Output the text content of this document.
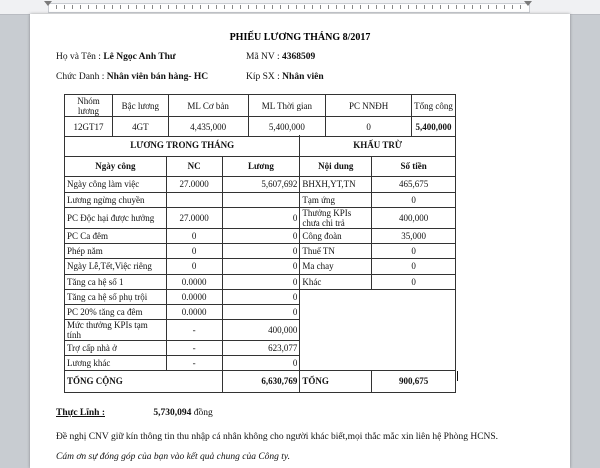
PHIẾU LƯƠNG THÁNG 8/2017
Họ và Tên : Lê Ngọc Anh Thư	Mã NV : 4368509
Chức Danh : Nhân viên bán hàng- HC	Kíp SX : Nhân viên
Nhóm lương	Bậc lương	ML Cơ bản	ML Thời gian	PC NNĐH	Tổng công
12GT17	4GT	4,435,000	5,400,000	0	5,400,000
LƯƠNG TRONG THÁNG			KHẤU TRỪ	
Ngày công	NC	Lương	Nội dung	Số tiền
Ngày công làm việc	27.0000	5,607,692	BHXH,YT,TN	465,675
Lương ngừng chuyền			Tạm ứng	0
PC Độc hại được hưởng	27.0000	0	Thưởng KPIs chưa chi trả	400,000
PC Ca đêm	0	0	Công đoàn	35,000
Phép năm	0	0	Thuế TN	0
Ngày Lễ,Tết,Việc riêng	0	0	Ma chay	0
Tăng ca hệ số 1	0.0000	0	Khác	0
Tăng ca hệ số phụ trội	0.0000	0		
PC 20% tăng ca đêm	0.0000	0		
Mức thưởng KPIs tạm tính	-	400,000		
Trợ cấp nhà ở	-	623,077		
Lương khác	-	0		
TỔNG CỘNG		6,630,769	TỔNG	900,675
Thực Lĩnh :	5,730,094 đồng
Đề nghị CNV giữ kín thông tin thu nhập cá nhân không cho người khác biết,mọi thắc mắc xin liên hệ Phòng HCNS.
Cám ơn sự đóng góp của bạn vào kết quả chung của Công ty.
